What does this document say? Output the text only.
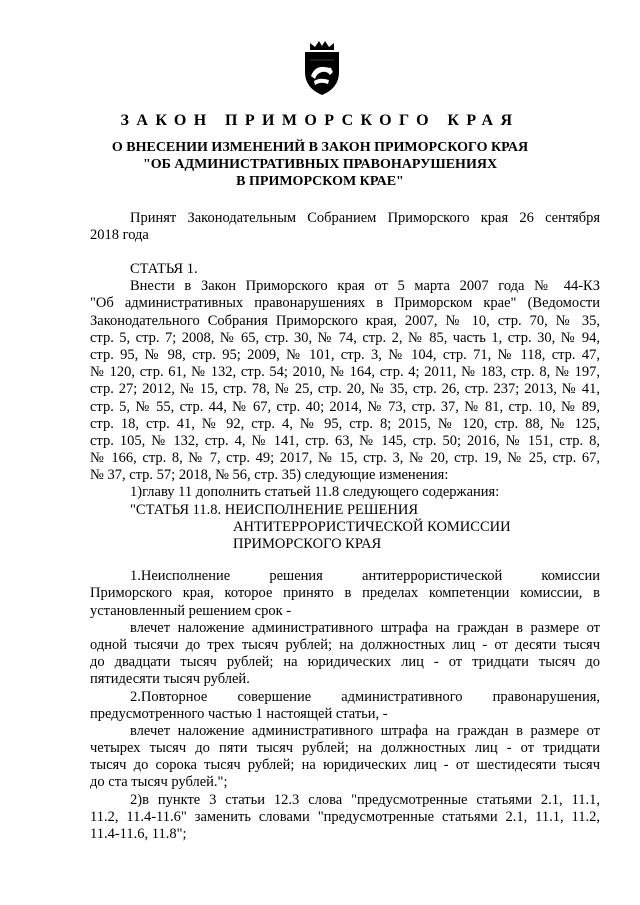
ЗАКОН ПРИМОРСКОГО КРАЯ
О ВНЕСЕНИИ ИЗМЕНЕНИЙ В ЗАКОН ПРИМОРСКОГО КРАЯ
"ОБ АДМИНИСТРАТИВНЫХ ПРАВОНАРУШЕНИЯХ
В ПРИМОРСКОМ КРАЕ"
Принят Законодательным Собранием Приморского края 26 сентября
2018 года
СТАТЬЯ 1.
Внести в Закон Приморского края от 5 марта 2007 года № 44-КЗ
"Об административных правонарушениях в Приморском крае" (Ведомости
Законодательного Собрания Приморского края, 2007, № 10, стр. 70, № 35,
стр. 5, стр. 7; 2008, № 65, стр. 30, № 74, стр. 2, № 85, часть 1, стр. 30, № 94,
стр. 95, № 98, стр. 95; 2009, № 101, стр. 3, № 104, стр. 71, № 118, стр. 47,
№ 120, стр. 61, № 132, стр. 54; 2010, № 164, стр. 4; 2011, № 183, стр. 8, № 197,
стр. 27; 2012, № 15, стр. 78, № 25, стр. 20, № 35, стр. 26, стр. 237; 2013, № 41,
стр. 5, № 55, стр. 44, № 67, стр. 40; 2014, № 73, стр. 37, № 81, стр. 10, № 89,
стр. 18, стр. 41, № 92, стр. 4, № 95, стр. 8; 2015, № 120, стр. 88, № 125,
стр. 105, № 132, стр. 4, № 141, стр. 63, № 145, стр. 50; 2016, № 151, стр. 8,
№ 166, стр. 8, № 7, стр. 49; 2017, № 15, стр. 3, № 20, стр. 19, № 25, стр. 67,
№ 37, стр. 57; 2018, № 56, стр. 35) следующие изменения:
1)главу 11 дополнить статьей 11.8 следующего содержания:
"СТАТЬЯ 11.8. НЕИСПОЛНЕНИЕ РЕШЕНИЯ
АНТИТЕРРОРИСТИЧЕСКОЙ КОМИССИИ
ПРИМОРСКОГО КРАЯ
1.Неисполнение решения антитеррористической комиссии
Приморского края, которое принято в пределах компетенции комиссии, в
установленный решением срок -
влечет наложение административного штрафа на граждан в размере от
одной тысячи до трех тысяч рублей; на должностных лиц - от десяти тысяч
до двадцати тысяч рублей; на юридических лиц - от тридцати тысяч до
пятидесяти тысяч рублей.
2.Повторное совершение административного правонарушения,
предусмотренного частью 1 настоящей статьи, -
влечет наложение административного штрафа на граждан в размере от
четырех тысяч до пяти тысяч рублей; на должностных лиц - от тридцати
тысяч до сорока тысяч рублей; на юридических лиц - от шестидесяти тысяч
до ста тысяч рублей.";
2)в пункте 3 статьи 12.3 слова "предусмотренные статьями 2.1, 11.1,
11.2, 11.4-11.6" заменить словами "предусмотренные статьями 2.1, 11.1, 11.2,
11.4-11.6, 11.8";
